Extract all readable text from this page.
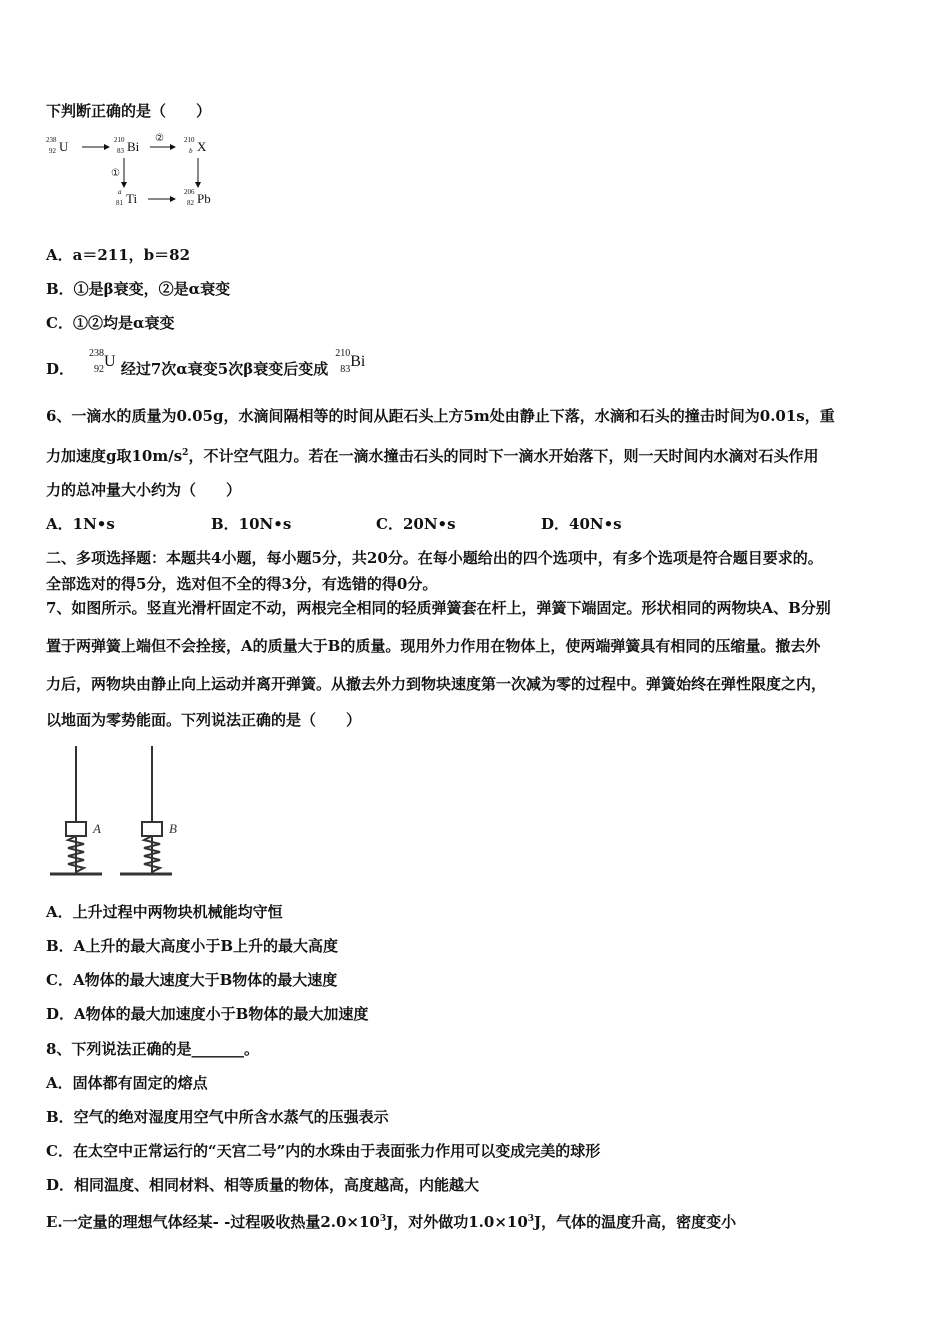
下判断正确的是（　　）
238
92 U	210
83 Bi
②	210
b X
①
a
81 Ti	206
82 Pb
A．a＝211，b＝82
B．①是β衰变，②是α衰变
C．①②均是α衰变
D．
238
92 U 经过7次α衰变5次β衰变后变成
210
83 Bi
6、一滴水的质量为0.05g，水滴间隔相等的时间从距石头上方5m处由静止下落，水滴和石头的撞击时间为0.01s，重
力加速度g取$10m/s^2$，不计空气阻力。若在一滴水撞击石头的同时下一滴水开始落下，则一天时间内水滴对石头作用
力的总冲量大小约为（　　）
A．1N•s	B．10N•s	C．20N•s	D．40N•s
二、多项选择题：本题共4小题，每小题5分，共20分。在每小题给出的四个选项中，有多个选项是符合题目要求的。
全部选对的得5分，选对但不全的得3分，有选错的得0分。
7、如图所示。竖直光滑杆固定不动，两根完全相同的轻质弹簧套在杆上，弹簧下端固定。形状相同的两物块A、B分别
置于两弹簧上端但不会拴接，A的质量大于B的质量。现用外力作用在物体上，使两端弹簧具有相同的压缩量。撤去外
力后，两物块由静止向上运动并离开弹簧。从撤去外力到物块速度第一次减为零的过程中。弹簧始终在弹性限度之内，
以地面为零势能面。下列说法正确的是（　　）
A	B
A．上升过程中两物块机械能均守恒
B．A上升的最大高度小于B上升的最大高度
C．A物体的最大速度大于B物体的最大速度
D．A物体的最大加速度小于B物体的最大加速度
8、下列说法正确的是_______。
A．固体都有固定的熔点
B．空气的绝对湿度用空气中所含水蒸气的压强表示
C．在太空中正常运行的“天宫二号”内的水珠由于表面张力作用可以变成完美的球形
D．相同温度、相同材料、相等质量的物体，高度越高，内能越大
E.一定量的理想气体经某- -过程吸收热量$2.0\times 10^3J$，对外做功$1.0\times 10^3J$，气体的温度升高，密度变小
